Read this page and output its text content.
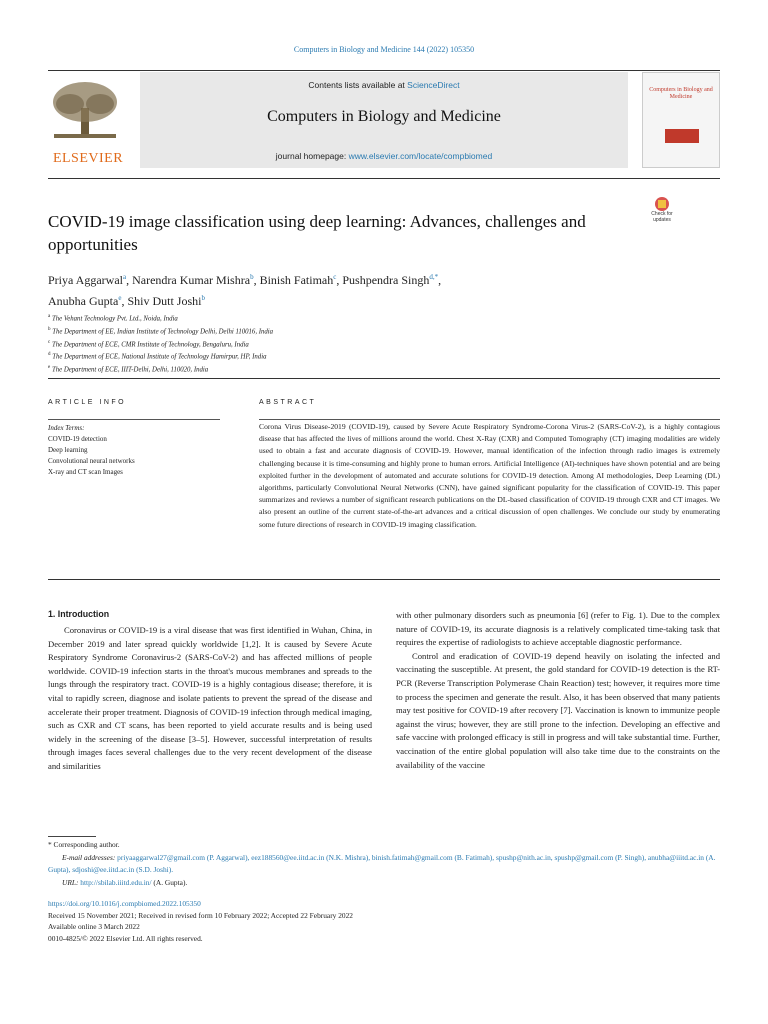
Computers in Biology and Medicine 144 (2022) 105350
ELSEVIER
Contents lists available at ScienceDirect
Computers in Biology and Medicine
journal homepage: www.elsevier.com/locate/compbiomed
Computers in Biology and Medicine
Check for updates
COVID-19 image classification using deep learning: Advances, challenges and opportunities
Priya Aggarwal$^a$, Narendra Kumar Mishra$^b$, Binish Fatimah$^c$, Pushpendra Singh$^{d,*}$,
Anubha Gupta$^e$, Shiv Dutt Joshi$^b$
$^a$ The Vehant Technology Pvt. Ltd., Noida, India
$^b$ The Department of EE, Indian Institute of Technology Delhi, Delhi 110016, India
$^c$ The Department of ECE, CMR Institute of Technology, Bengaluru, India
$^d$ The Department of ECE, National Institute of Technology Hamirpur, HP, India
$^e$ The Department of ECE, IIIT-Delhi, Delhi, 110020, India
ARTICLE INFO	ABSTRACT
Index Terms:
COVID-19 detection
Deep learning
Convolutional neural networks
X-ray and CT scan Images
Corona Virus Disease-2019 (COVID-19), caused by Severe Acute Respiratory Syndrome-Corona Virus-2 (SARS-CoV-2), is a highly contagious disease that has affected the lives of millions around the world. Chest X-Ray (CXR) and Computed Tomography (CT) imaging modalities are widely used to obtain a fast and accurate diagnosis of COVID-19. However, manual identification of the infection through radio images is extremely challenging because it is time-consuming and highly prone to human errors. Artificial Intelligence (AI)-techniques have shown potential and are being exploited further in the development of automated and accurate solutions for COVID-19 detection. Among AI methodologies, Deep Learning (DL) algorithms, particularly Convolutional Neural Networks (CNN), have gained significant popularity for the classification of COVID-19. This paper summarizes and reviews a number of significant research publications on the DL-based classification of COVID-19 through CXR and CT images. We also present an outline of the current state-of-the-art advances and a critical discussion of open challenges. We conclude our study by enumerating some future directions of research in COVID-19 imaging classification.
1. Introduction

Coronavirus or COVID-19 is a viral disease that was first identified in Wuhan, China, in December 2019 and later spread quickly worldwide [1,2]. It is caused by Severe Acute Respiratory Syndrome Coronavirus-2 (SARS-CoV-2) and has affected millions of people worldwide. COVID-19 infection starts in the throat's mucous membranes and spreads to the lungs through the respiratory tract. COVID-19 is a highly contagious disease; therefore, it is vital to rapidly screen, diagnose and isolate patients to prevent the spread of the disease and accelerate their proper treatment. Diagnosis of COVID-19 infection through medical imaging, such as CXR and CT scans, has been reported to yield accurate results and is being used widely in the screening of the disease [3–5]. However, successful interpretation of results through images faces several challenges due to the very recent development of the disease and similarities

with other pulmonary disorders such as pneumonia [6] (refer to Fig. 1). Due to the complex nature of COVID-19, its accurate diagnosis is a relatively complicated time-taking task that requires the expertise of radiologists to achieve acceptable diagnostic performance.

Control and eradication of COVID-19 depend heavily on isolating the infected and vaccinating the susceptible. At present, the gold standard for COVID-19 detection is the RT-PCR (Reverse Transcription Polymerase Chain Reaction) test; however, it requires more time to process the specimen and generate the result. Also, it has been observed that many patients may test positive for COVID-19 after recovery [7]. Vaccination is known to immunize people against the virus; however, they are still prone to the infection. Developing an effective and safe vaccine with prolonged efficacy is still in progress and will take substantial time. Further, vaccination of the entire global population will also take time due to the constraints on the availability of the vaccine

* Corresponding author.
E-mail addresses: priyaaggarwal27@gmail.com (P. Aggarwal), eez188560@ee.iitd.ac.in (N.K. Mishra), binish.fatimah@gmail.com (B. Fatimah), spushp@nith.ac.in, spushp@gmail.com (P. Singh), anubha@iiitd.ac.in (A. Gupta), sdjoshi@ee.iitd.ac.in (S.D. Joshi).
URL: http://sbilab.iiitd.edu.in/ (A. Gupta).
https://doi.org/10.1016/j.compbiomed.2022.105350
Received 15 November 2021; Received in revised form 10 February 2022; Accepted 22 February 2022
Available online 3 March 2022
0010-4825/© 2022 Elsevier Ltd. All rights reserved.
